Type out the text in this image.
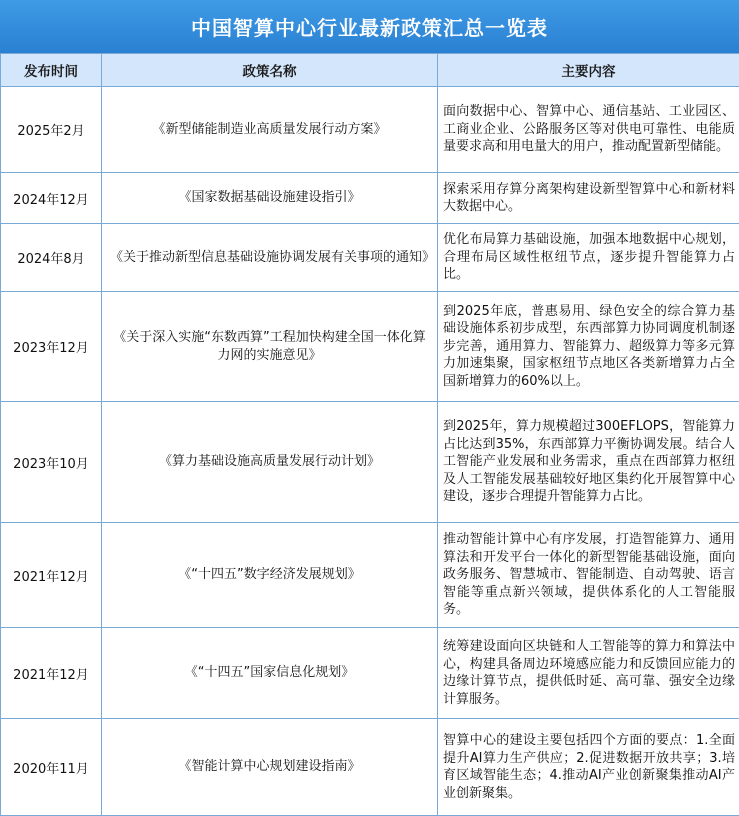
中国智算中心行业最新政策汇总一览表
发布时间	政策名称	主要内容
2025年2月	《新型储能制造业高质量发展行动方案》	面向数据中心、智算中心、通信基站、工业园区、工商业企业、公路服务区等对供电可靠性、电能质量要求高和用电量大的用户，推动配置新型储能。
2024年12月	《国家数据基础设施建设指引》	探索采用存算分离架构建设新型智算中心和新材料大数据中心。
2024年8月	《关于推动新型信息基础设施协调发展有关事项的通知》	优化布局算力基础设施，加强本地数据中心规划，合理布局区域性枢纽节点，逐步提升智能算力占比。
2023年12月	《关于深入实施“东数西算”工程加快构建全国一体化算力网的实施意见》	到2025年底，普惠易用、绿色安全的综合算力基础设施体系初步成型，东西部算力协同调度机制逐步完善，通用算力、智能算力、超级算力等多元算力加速集聚，国家枢纽节点地区各类新增算力占全国新增算力的60%以上。
2023年10月	《算力基础设施高质量发展行动计划》	到2025年，算力规模超过300EFLOPS，智能算力占比达到35%，东西部算力平衡协调发展。结合人工智能产业发展和业务需求，重点在西部算力枢纽及人工智能发展基础较好地区集约化开展智算中心建设，逐步合理提升智能算力占比。
2021年12月	《“十四五”数字经济发展规划》	推动智能计算中心有序发展，打造智能算力、通用算法和开发平台一体化的新型智能基础设施，面向政务服务、智慧城市、智能制造、自动驾驶、语言智能等重点新兴领域，提供体系化的人工智能服务。
2021年12月	《“十四五”国家信息化规划》	统筹建设面向区块链和人工智能等的算力和算法中心，构建具备周边环境感应能力和反馈回应能力的边缘计算节点，提供低时延、高可靠、强安全边缘计算服务。
2020年11月	《智能计算中心规划建设指南》	智算中心的建设主要包括四个方面的要点：1.全面提升AI算力生产供应；2.促进数据开放共享；3.培育区域智能生态；4.推动AI产业创新聚集推动AI产业创新聚集。
